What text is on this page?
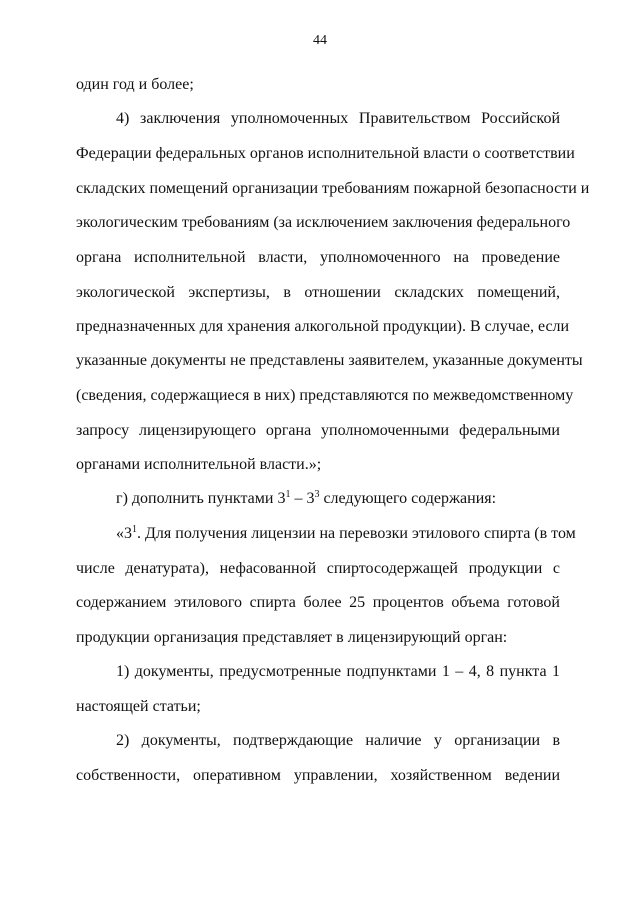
44
один год и более;
4) заключения уполномоченных Правительством Российской
Федерации федеральных органов исполнительной власти о соответствии
складских помещений организации требованиям пожарной безопасности и
экологическим требованиям (за исключением заключения федерального
органа исполнительной власти, уполномоченного на проведение
экологической экспертизы, в отношении складских помещений,
предназначенных для хранения алкогольной продукции). В случае, если
указанные документы не представлены заявителем, указанные документы
(сведения, содержащиеся в них) представляются по межведомственному
запросу лицензирующего органа уполномоченными федеральными
органами исполнительной власти.»;
г) дополнить пунктами $3^1 - 3^3$ следующего содержания:
«$3^1$. Для получения лицензии на перевозки этилового спирта (в том
числе денатурата), нефасованной спиртосодержащей продукции с
содержанием этилового спирта более 25 процентов объема готовой
продукции организация представляет в лицензирующий орган:
1) документы, предусмотренные подпунктами 1 – 4, 8 пункта 1
настоящей статьи;
2) документы, подтверждающие наличие у организации в
собственности, оперативном управлении, хозяйственном ведении
